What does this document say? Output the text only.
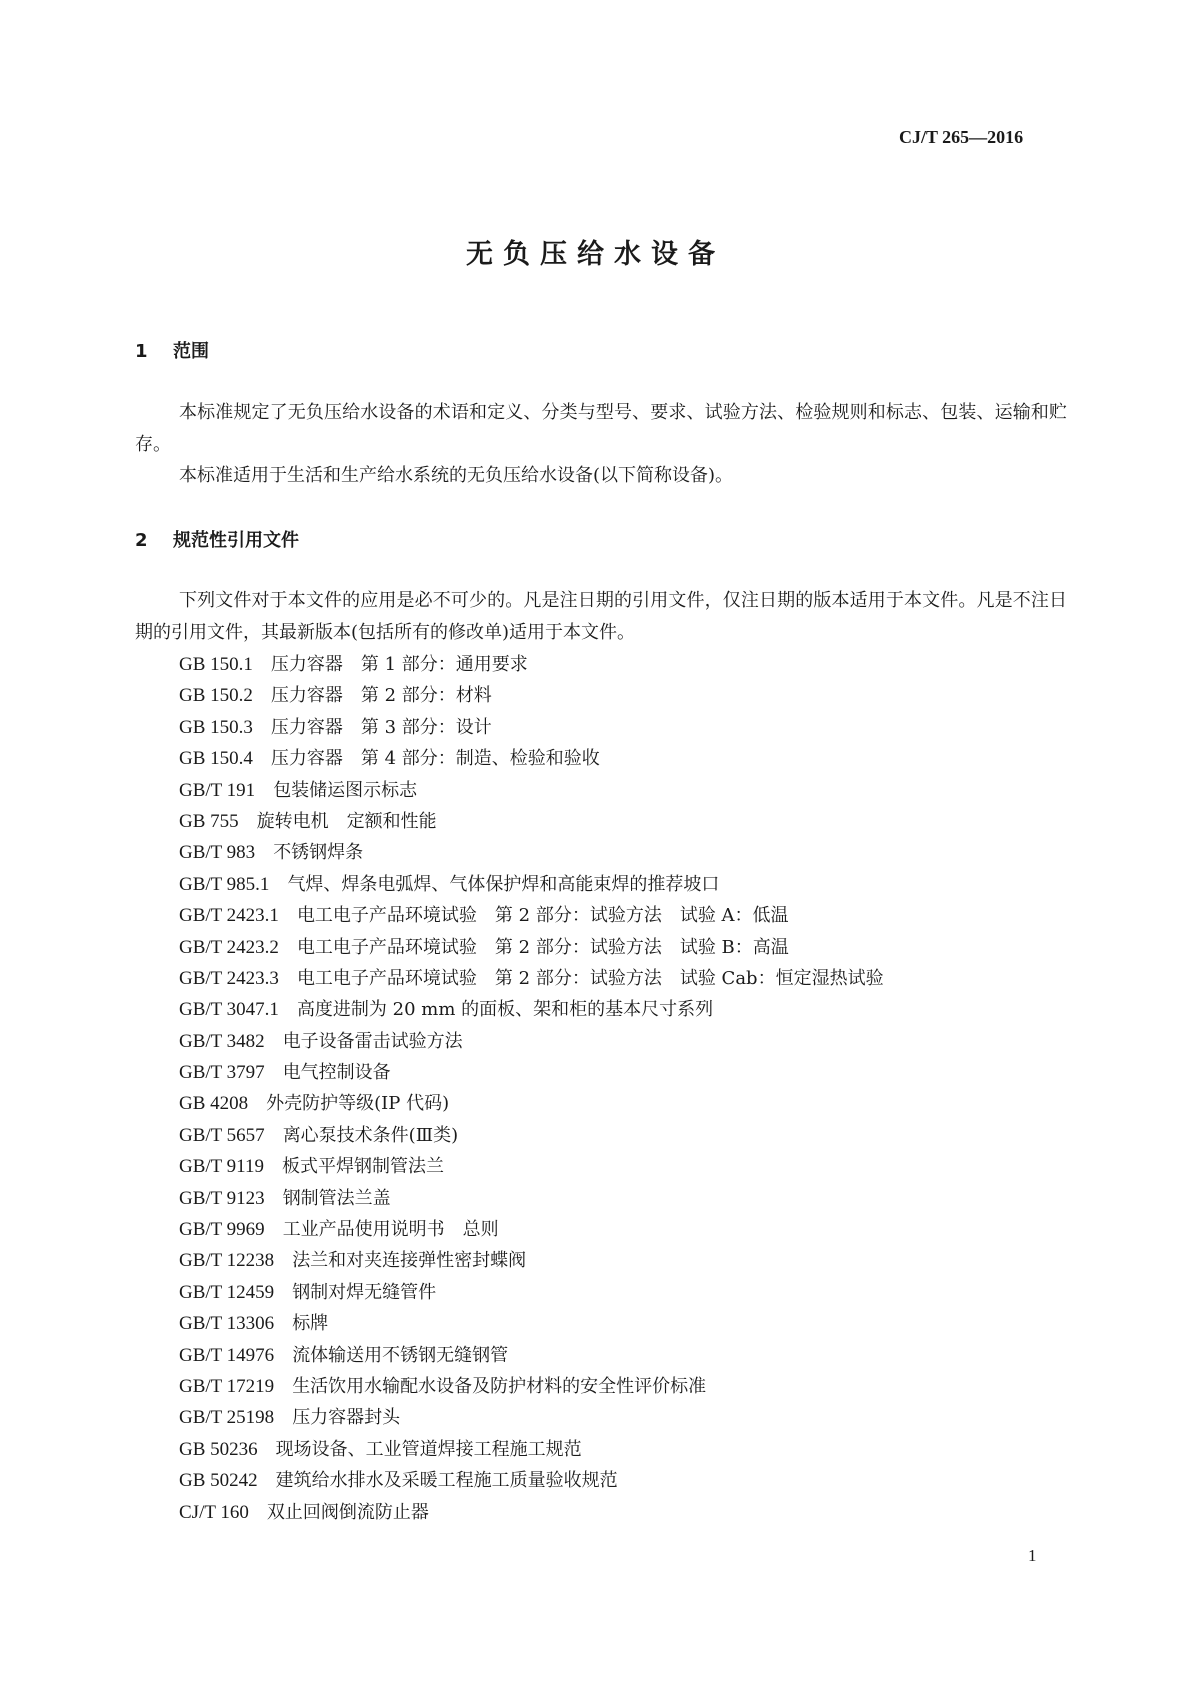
CJ/T 265—2016
无负压给水设备
1 范围
本标准规定了无负压给水设备的术语和定义、分类与型号、要求、试验方法、检验规则和标志、包装、运输和贮存。
本标准适用于生活和生产给水系统的无负压给水设备(以下简称设备)。
2 规范性引用文件
下列文件对于本文件的应用是必不可少的。凡是注日期的引用文件，仅注日期的版本适用于本文件。凡是不注日期的引用文件，其最新版本(包括所有的修改单)适用于本文件。
GB 150.1 压力容器　第 1 部分：通用要求
GB 150.2 压力容器　第 2 部分：材料
GB 150.3 压力容器　第 3 部分：设计
GB 150.4 压力容器　第 4 部分：制造、检验和验收
GB/T 191 包装储运图示标志
GB 755 旋转电机　定额和性能
GB/T 983 不锈钢焊条
GB/T 985.1 气焊、焊条电弧焊、气体保护焊和高能束焊的推荐坡口
GB/T 2423.1 电工电子产品环境试验　第 2 部分：试验方法　试验 A：低温
GB/T 2423.2 电工电子产品环境试验　第 2 部分：试验方法　试验 B：高温
GB/T 2423.3 电工电子产品环境试验　第 2 部分：试验方法　试验 Cab：恒定湿热试验
GB/T 3047.1 高度进制为 20 mm 的面板、架和柜的基本尺寸系列
GB/T 3482 电子设备雷击试验方法
GB/T 3797 电气控制设备
GB 4208 外壳防护等级(IP 代码)
GB/T 5657 离心泵技术条件(Ⅲ类)
GB/T 9119 板式平焊钢制管法兰
GB/T 9123 钢制管法兰盖
GB/T 9969 工业产品使用说明书　总则
GB/T 12238 法兰和对夹连接弹性密封蝶阀
GB/T 12459 钢制对焊无缝管件
GB/T 13306 标牌
GB/T 14976 流体输送用不锈钢无缝钢管
GB/T 17219 生活饮用水输配水设备及防护材料的安全性评价标准
GB/T 25198 压力容器封头
GB 50236 现场设备、工业管道焊接工程施工规范
GB 50242 建筑给水排水及采暖工程施工质量验收规范
CJ/T 160 双止回阀倒流防止器
1
